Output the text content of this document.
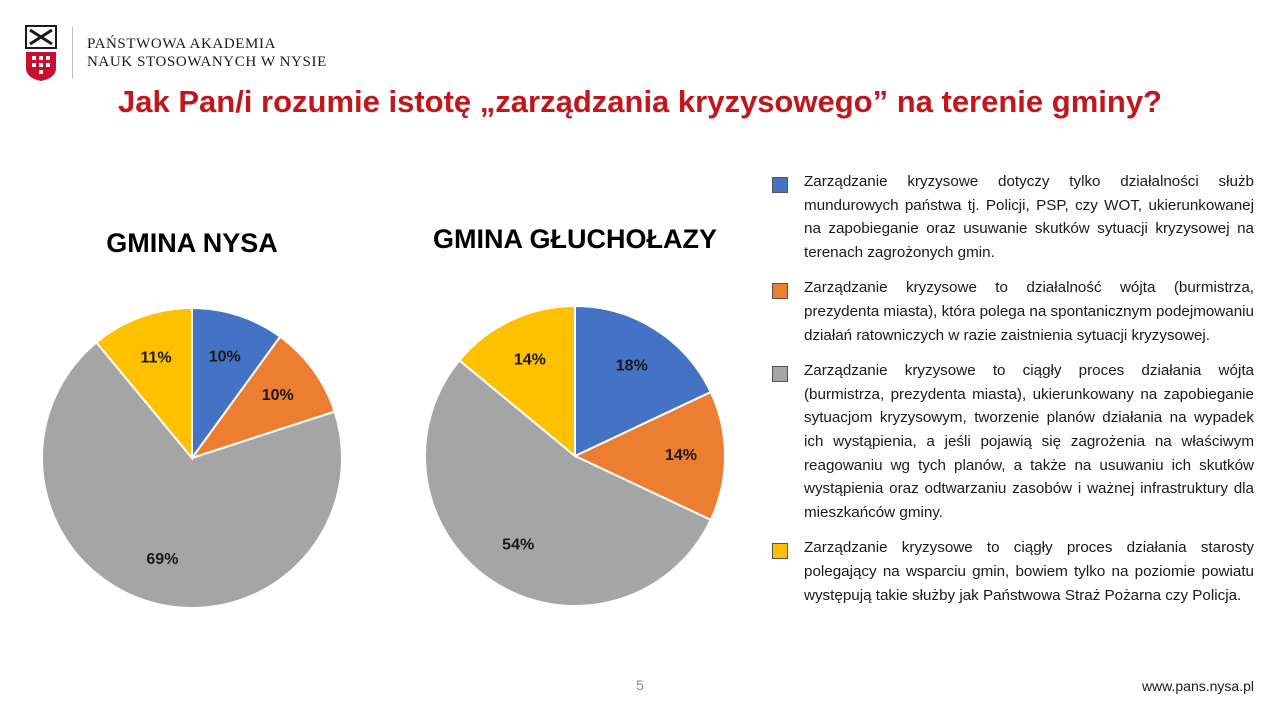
PAŃSTWOWA AKADEMIA
NAUK STOSOWANYCH W NYSIE
Jak Pan/i rozumie istotę „zarządzania kryzysowego” na terenie gminy?
GMINA NYSA	GMINA GŁUCHOŁAZY
10%
10%
69%
11%	18%
14%
54%
14%
Zarządzanie kryzysowe dotyczy tylko działalności służb mundurowych państwa tj. Policji, PSP, czy WOT, ukierunkowanej na zapobieganie oraz usuwanie skutków sytuacji kryzysowej na terenach zagrożonych gmin.
Zarządzanie kryzysowe to działalność wójta (burmistrza, prezydenta miasta), która polega na spontanicznym podejmowaniu działań ratowniczych w razie zaistnienia sytuacji kryzysowej.
Zarządzanie kryzysowe to ciągły proces działania wójta (burmistrza, prezydenta miasta), ukierunkowany na zapobieganie sytuacjom kryzysowym, tworzenie planów działania na wypadek ich wystąpienia, a jeśli pojawią się zagrożenia na właściwym reagowaniu wg tych planów, a także na usuwaniu ich skutków wystąpienia oraz odtwarzaniu zasobów i ważnej infrastruktury dla mieszkańców gminy.
Zarządzanie kryzysowe to ciągły proces działania starosty polegający na wsparciu gmin, bowiem tylko na poziomie powiatu występują takie służby jak Państwowa Straż Pożarna czy Policja.
5	www.pans.nysa.pl
